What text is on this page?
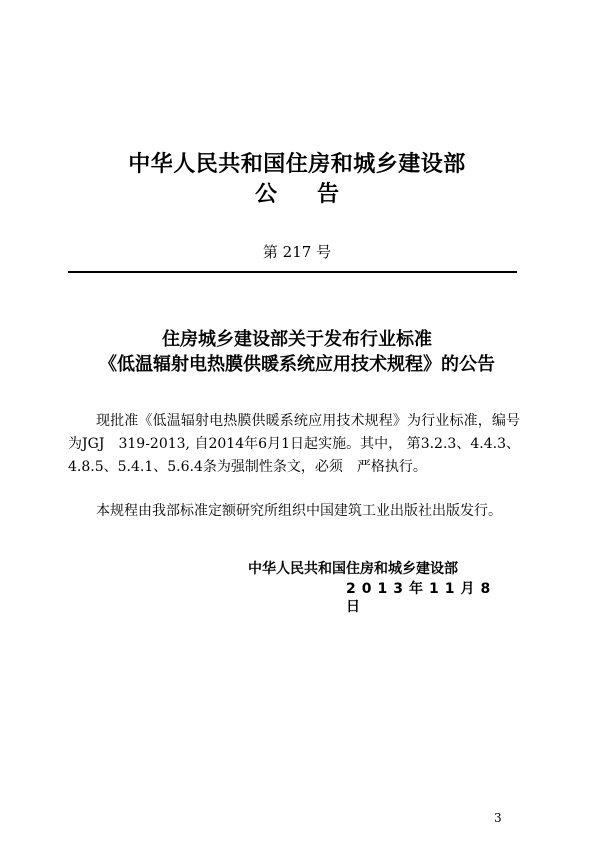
中华人民共和国住房和城乡建设部
公告
第 217 号
住房城乡建设部关于发布行业标准
《低温辐射电热膜供暖系统应用技术规程》的公告
现批准《低温辐射电热膜供暖系统应用技术规程》为行业标准，编号为JGJ　319-2013, 自2014年6月1日起实施。其中， 第3.2.3、4.4.3、4.8.5、5.4.1、5.6.4条为强制性条文，必须　严格执行。
本规程由我部标准定额研究所组织中国建筑工业出版社出版发行。
中华人民共和国住房和城乡建设部
2013年11月8
日
3
